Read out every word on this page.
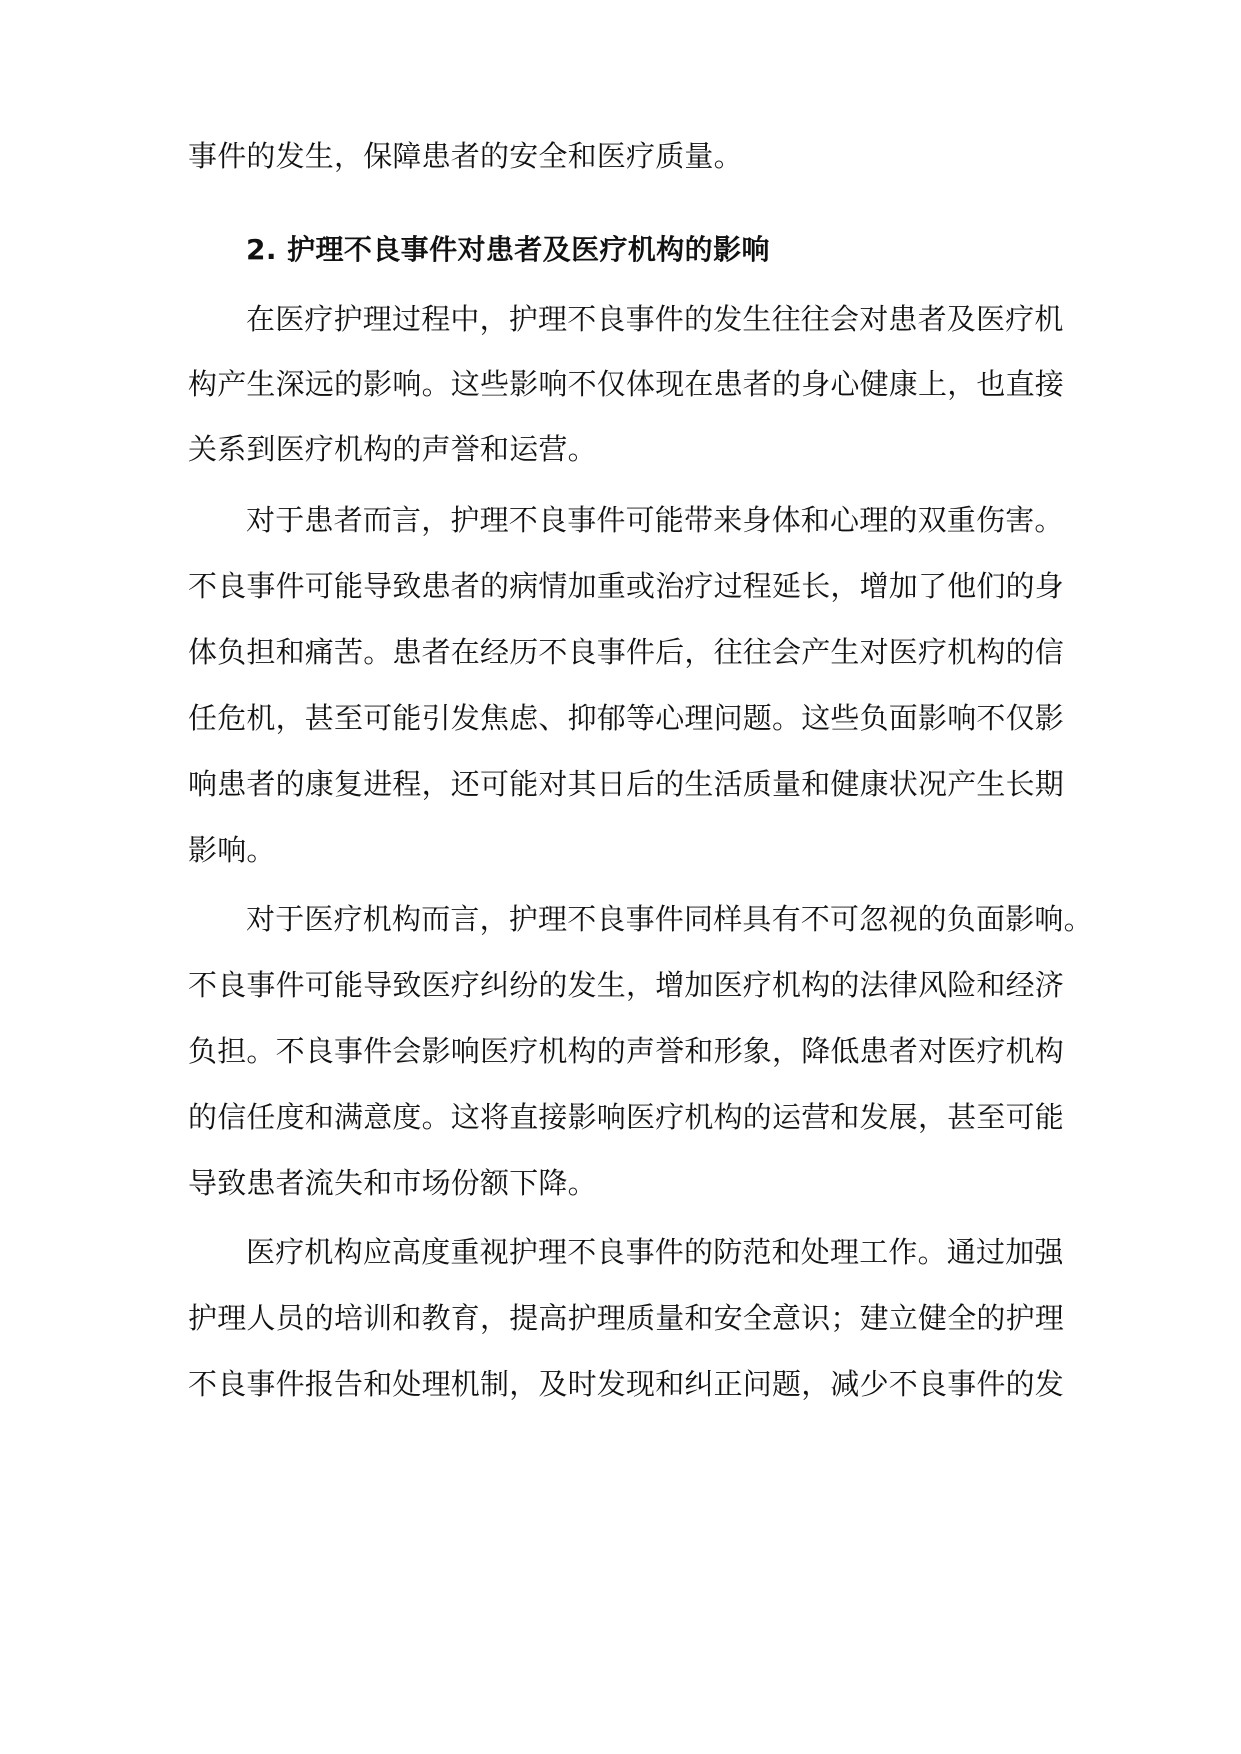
事件的发生，保障患者的安全和医疗质量。
2. 护理不良事件对患者及医疗机构的影响
在医疗护理过程中，护理不良事件的发生往往会对患者及医疗机
构产生深远的影响。这些影响不仅体现在患者的身心健康上，也直接
关系到医疗机构的声誉和运营。
对于患者而言，护理不良事件可能带来身体和心理的双重伤害。
不良事件可能导致患者的病情加重或治疗过程延长，增加了他们的身
体负担和痛苦。患者在经历不良事件后，往往会产生对医疗机构的信
任危机，甚至可能引发焦虑、抑郁等心理问题。这些负面影响不仅影
响患者的康复进程，还可能对其日后的生活质量和健康状况产生长期
影响。
对于医疗机构而言，护理不良事件同样具有不可忽视的负面影响。
不良事件可能导致医疗纠纷的发生，增加医疗机构的法律风险和经济
负担。不良事件会影响医疗机构的声誉和形象，降低患者对医疗机构
的信任度和满意度。这将直接影响医疗机构的运营和发展，甚至可能
导致患者流失和市场份额下降。
医疗机构应高度重视护理不良事件的防范和处理工作。通过加强
护理人员的培训和教育，提高护理质量和安全意识；建立健全的护理
不良事件报告和处理机制，及时发现和纠正问题，减少不良事件的发
